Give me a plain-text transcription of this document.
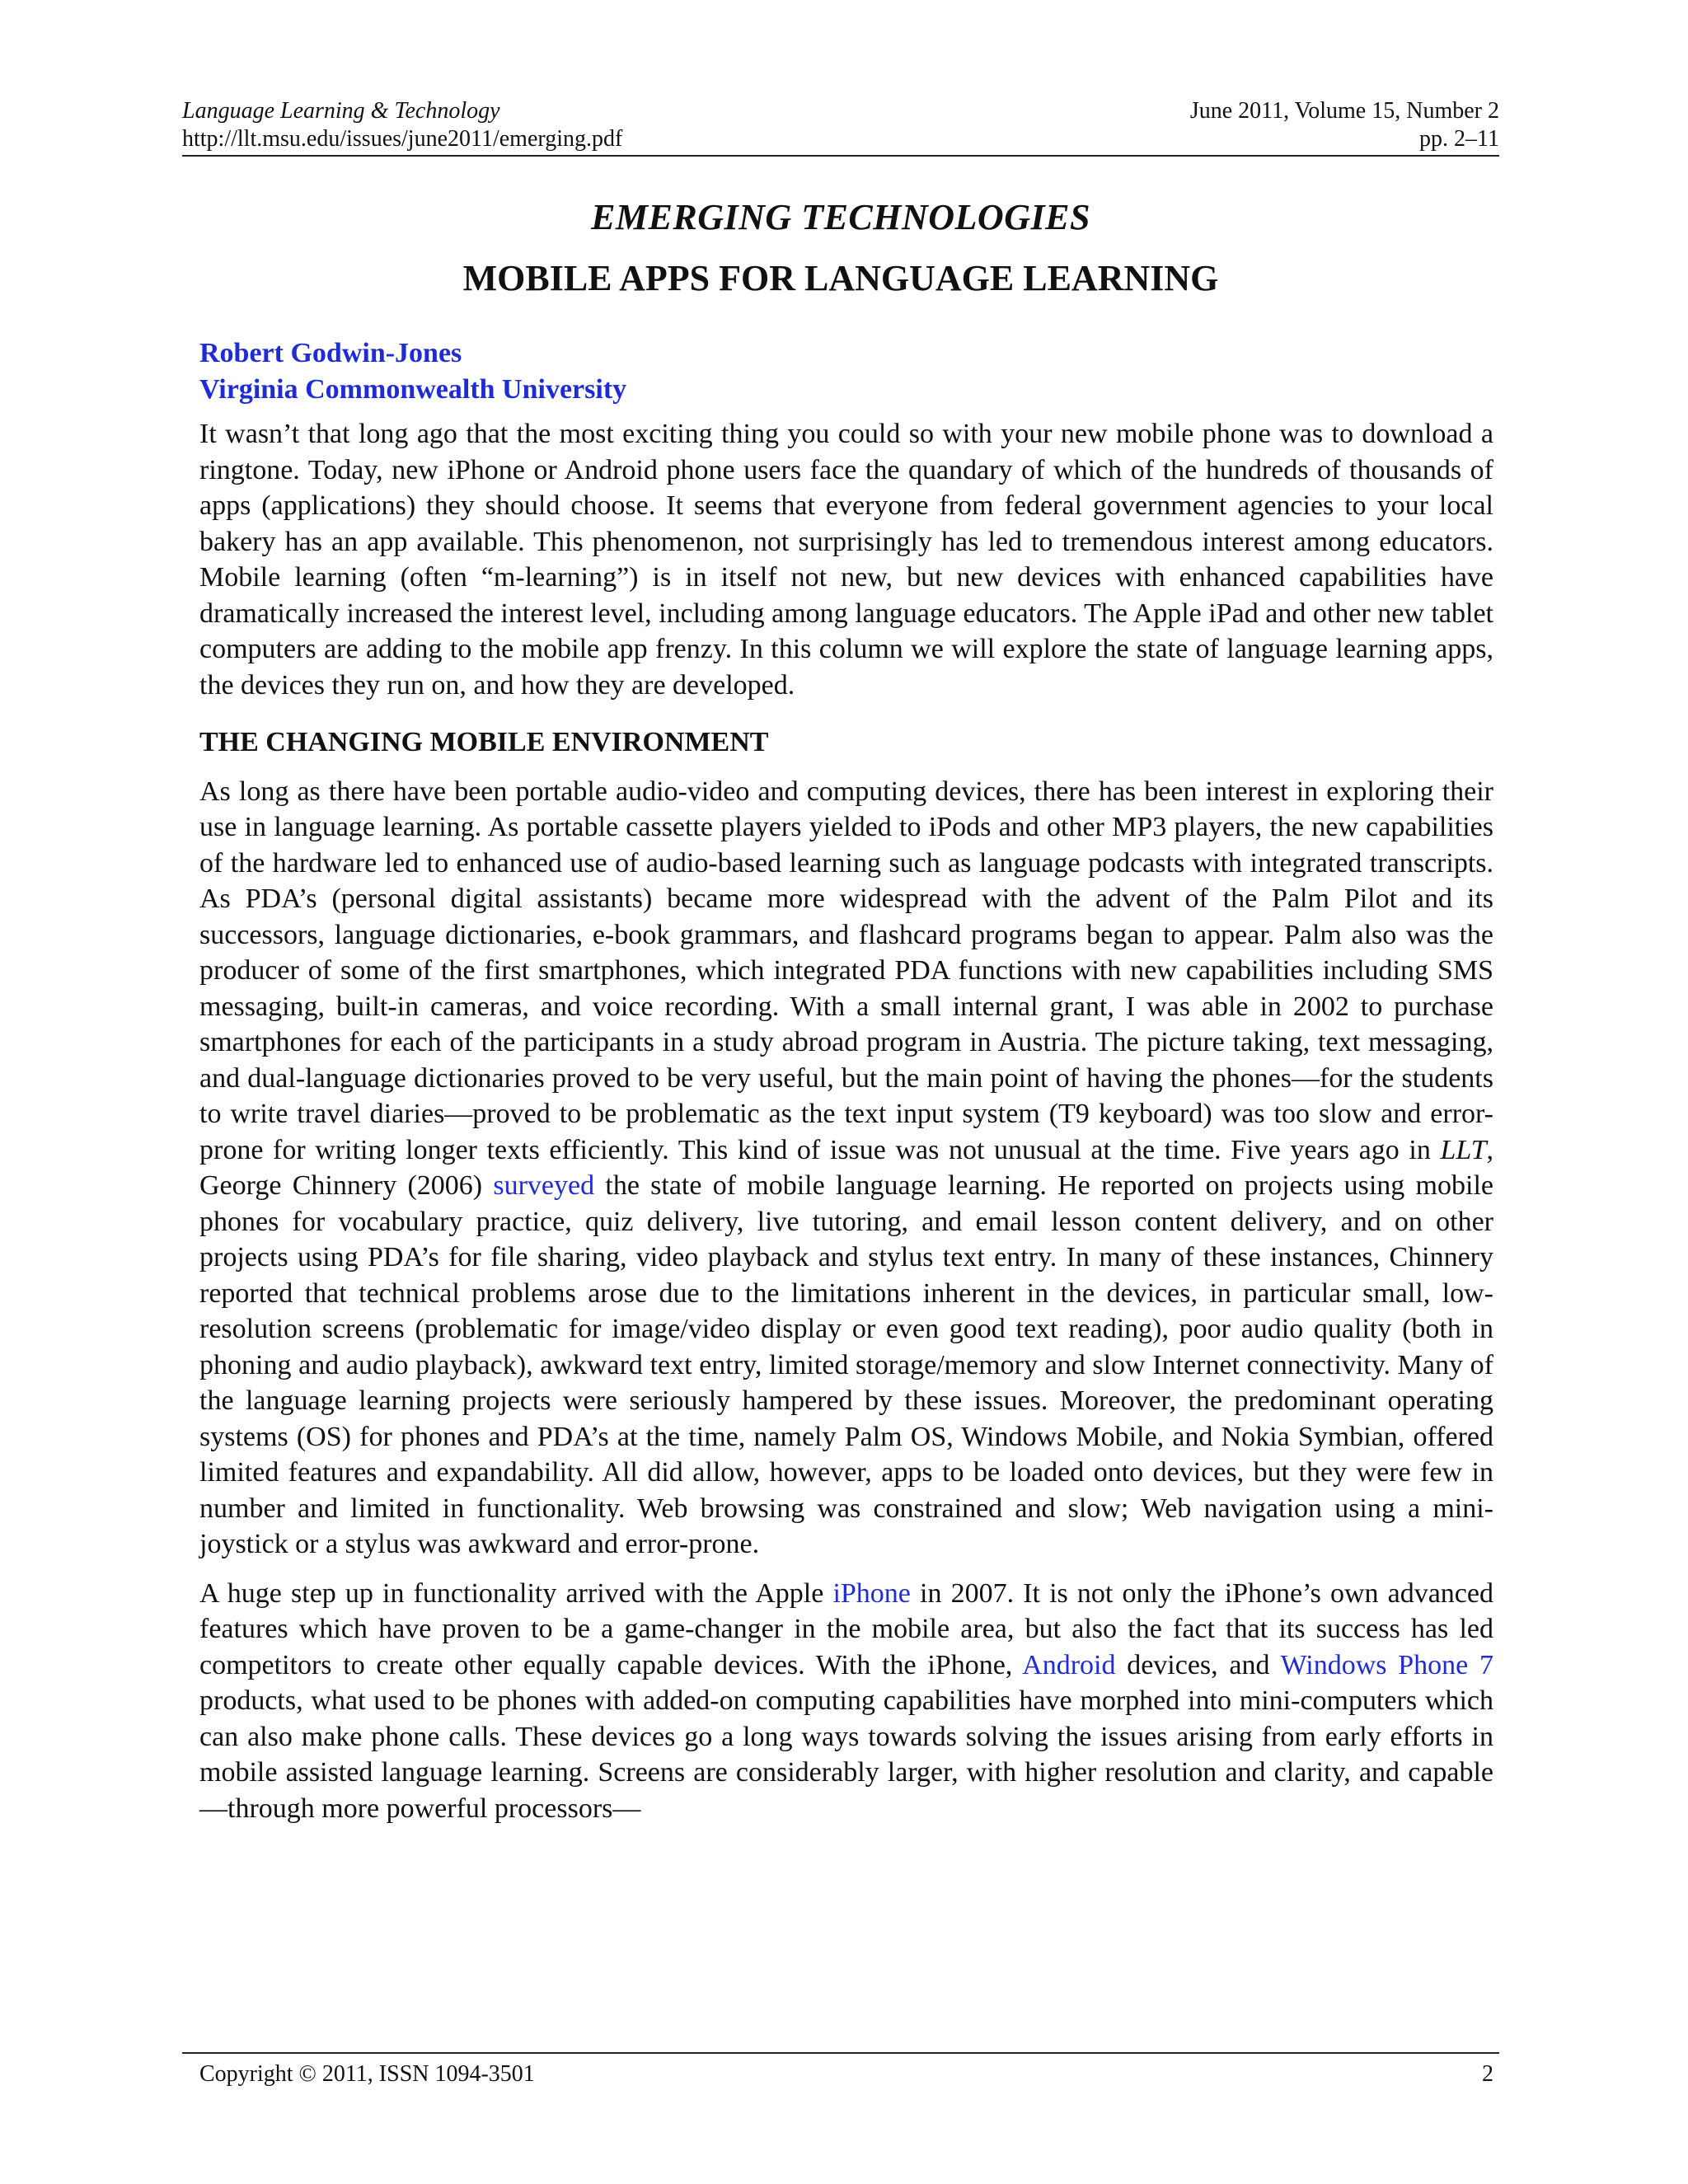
Language Learning & Technology	June 2011, Volume 15, Number 2
http://llt.msu.edu/issues/june2011/emerging.pdf	pp. 2–11
EMERGING TECHNOLOGIES
MOBILE APPS FOR LANGUAGE LEARNING
Robert Godwin-Jones
Virginia Commonwealth University

It wasn’t that long ago that the most exciting thing you could so with your new mobile phone was to download a ringtone. Today, new iPhone or Android phone users face the quandary of which of the hundreds of thousands of apps (applications) they should choose. It seems that everyone from federal government agencies to your local bakery has an app available. This phenomenon, not surprisingly has led to tremendous interest among educators. Mobile learning (often “m-learning”) is in itself not new, but new devices with enhanced capabilities have dramatically increased the interest level, including among language educators. The Apple iPad and other new tablet computers are adding to the mobile app frenzy. In this column we will explore the state of language learning apps, the devices they run on, and how they are developed.

THE CHANGING MOBILE ENVIRONMENT

As long as there have been portable audio-video and computing devices, there has been interest in exploring their use in language learning. As portable cassette players yielded to iPods and other MP3 players, the new capabilities of the hardware led to enhanced use of audio-based learning such as language podcasts with integrated transcripts. As PDA’s (personal digital assistants) became more widespread with the advent of the Palm Pilot and its successors, language dictionaries, e-book grammars, and flashcard programs began to appear. Palm also was the producer of some of the first smartphones, which integrated PDA functions with new capabilities including SMS messaging, built-in cameras, and voice recording. With a small internal grant, I was able in 2002 to purchase smartphones for each of the participants in a study abroad program in Austria. The picture taking, text messaging, and dual-language dictionaries proved to be very useful, but the main point of having the phones—for the students to write travel diaries—proved to be problematic as the text input system (T9 keyboard) was too slow and error-prone for writing longer texts efficiently. This kind of issue was not unusual at the time. Five years ago in LLT, George Chinnery (2006) surveyed the state of mobile language learning. He reported on projects using mobile phones for vocabulary practice, quiz delivery, live tutoring, and email lesson content delivery, and on other projects using PDA’s for file sharing, video playback and stylus text entry. In many of these instances, Chinnery reported that technical problems arose due to the limitations inherent in the devices, in particular small, low-resolution screens (problematic for image/video display or even good text reading), poor audio quality (both in phoning and audio playback), awkward text entry, limited storage/memory and slow Internet connectivity. Many of the language learning projects were seriously hampered by these issues. Moreover, the predominant operating systems (OS) for phones and PDA’s at the time, namely Palm OS, Windows Mobile, and Nokia Symbian, offered limited features and expandability. All did allow, however, apps to be loaded onto devices, but they were few in number and limited in functionality. Web browsing was constrained and slow; Web navigation using a mini-joystick or a stylus was awkward and error-prone.

A huge step up in functionality arrived with the Apple iPhone in 2007. It is not only the iPhone’s own advanced features which have proven to be a game-changer in the mobile area, but also the fact that its success has led competitors to create other equally capable devices. With the iPhone, Android devices, and Windows Phone 7 products, what used to be phones with added-on computing capabilities have morphed into mini-computers which can also make phone calls. These devices go a long ways towards solving the issues arising from early efforts in mobile assisted language learning. Screens are considerably larger, with higher resolution and clarity, and capable—through more powerful processors—

Copyright © 2011, ISSN 1094-3501	2
